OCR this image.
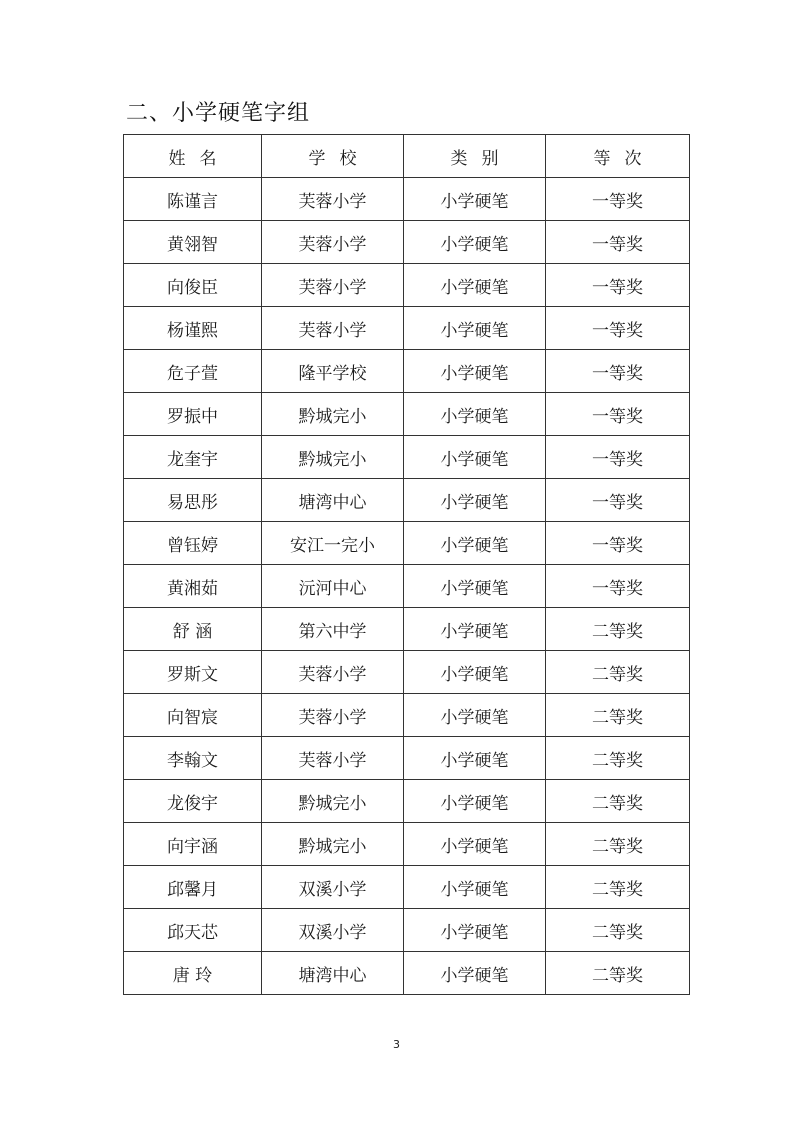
二、小学硬笔字组
姓名	学校	类别	等次
陈谨言	芙蓉小学	小学硬笔	一等奖
黄翎智	芙蓉小学	小学硬笔	一等奖
向俊臣	芙蓉小学	小学硬笔	一等奖
杨谨熙	芙蓉小学	小学硬笔	一等奖
危子萱	隆平学校	小学硬笔	一等奖
罗振中	黔城完小	小学硬笔	一等奖
龙奎宇	黔城完小	小学硬笔	一等奖
易思彤	塘湾中心	小学硬笔	一等奖
曾钰婷	安江一完小	小学硬笔	一等奖
黄湘茹	沅河中心	小学硬笔	一等奖
舒 涵	第六中学	小学硬笔	二等奖
罗斯文	芙蓉小学	小学硬笔	二等奖
向智宸	芙蓉小学	小学硬笔	二等奖
李翰文	芙蓉小学	小学硬笔	二等奖
龙俊宇	黔城完小	小学硬笔	二等奖
向宇涵	黔城完小	小学硬笔	二等奖
邱馨月	双溪小学	小学硬笔	二等奖
邱天芯	双溪小学	小学硬笔	二等奖
唐 玲	塘湾中心	小学硬笔	二等奖
3
